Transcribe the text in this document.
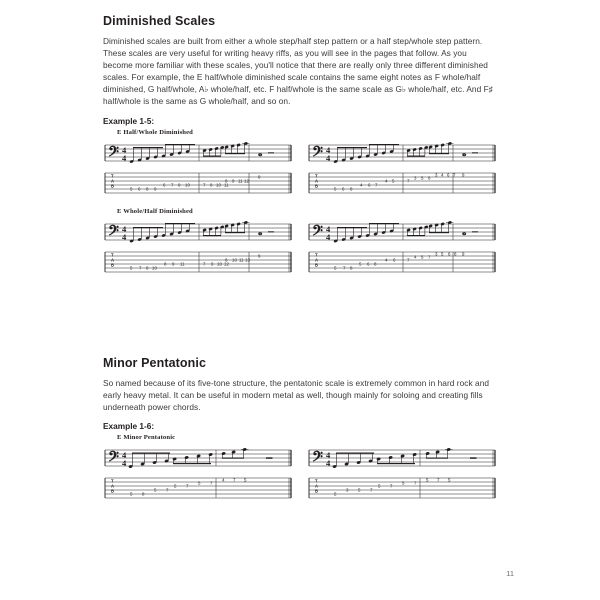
Diminished Scales

Diminished scales are built from either a whole step/half step pattern or a half step/whole step pattern. These scales are very useful for writing heavy riffs, as you will see in the pages that follow. As you become more familiar with these scales, you'll notice that there are really only three different diminished scales. For example, the E half/whole diminished scale contains the same eight notes as F whole/half diminished, G half/whole, A♭ whole/half, etc. F half/whole is the same scale as G♭ whole/half, etc. And F♯ half/whole is the same as G whole/half, and so on.

Example 1-5:
E Half/Whole Diminished
𝄢 4
4	𝅝
T
A
B
5 6 8 9
6 7 9 10	7 8 10 11
8 9 11 12
9
𝄢 4
4	𝅝
T
A
B
5 6 8
4 6 7
4 5	7
3 5 6
3 4 6 7 9
E Whole/Half Diminished
𝄢 4
4	𝅝
T
A
B
5 7 8 10
8 9 11	7 9 10 12
8 10 11 13
9
𝄢 4
4	𝅝
T
A
B
5 7 8
5 6 8
4 6	7
4 5 7
3 5 6 8 9
Minor Pentatonic

So named because of its five-tone structure, the pentatonic scale is extremely common in hard rock and early heavy metal. It can be useful in modern metal as well, though mainly for soloing and creating fills underneath power chords.

Example 1-6:
E Minor Pentatonic
𝄢 4
4
T
A
B
5 8
5 7
5 7
5 7
4 7 5
𝄢 4
4
T
A
B
5
3 5 7
5 7
5 7
5 7 5
11
